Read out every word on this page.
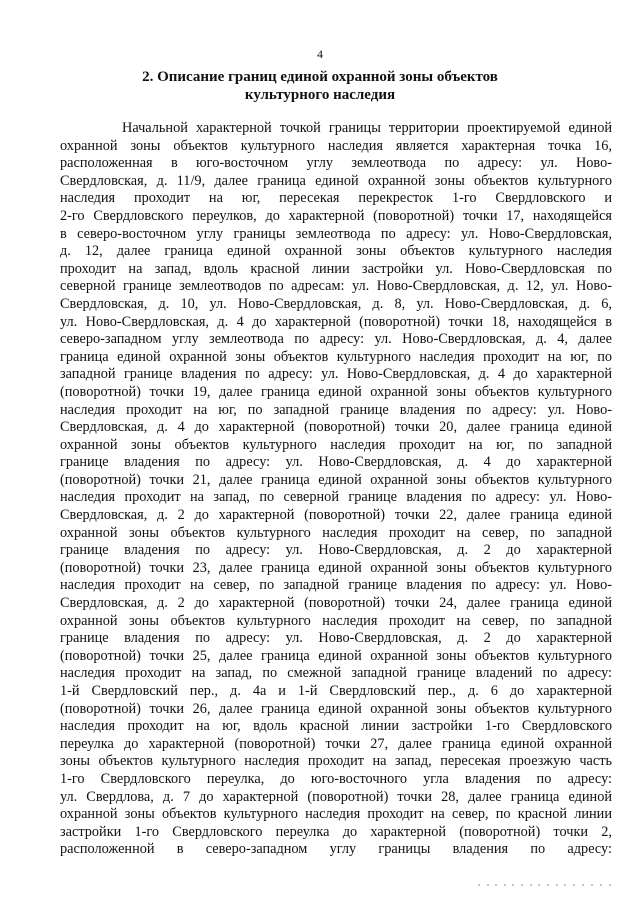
4
2. Описание границ единой охранной зоны объектов
культурного наследия
Начальной характерной точкой границы территории проектируемой единой
охранной зоны объектов культурного наследия является характерная точка 16,
расположенная в юго-восточном углу землеотвода по адресу: ул. Ново-
Свердловская, д. 11/9, далее граница единой охранной зоны объектов культурного
наследия проходит на юг, пересекая перекресток 1-го Свердловского и
2-го Свердловского переулков, до характерной (поворотной) точки 17, находящейся
в северо-восточном углу границы землеотвода по адресу: ул. Ново-Свердловская,
д. 12, далее граница единой охранной зоны объектов культурного наследия
проходит на запад, вдоль красной линии застройки ул. Ново-Свердловская по
северной границе землеотводов по адресам: ул. Ново-Свердловская, д. 12, ул. Ново-
Свердловская, д. 10, ул. Ново-Свердловская, д. 8, ул. Ново-Свердловская, д. 6,
ул. Ново-Свердловская, д. 4 до характерной (поворотной) точки 18, находящейся в
северо-западном углу землеотвода по адресу: ул. Ново-Свердловская, д. 4, далее
граница единой охранной зоны объектов культурного наследия проходит на юг, по
западной границе владения по адресу: ул. Ново-Свердловская, д. 4 до характерной
(поворотной) точки 19, далее граница единой охранной зоны объектов культурного
наследия проходит на юг, по западной границе владения по адресу: ул. Ново-
Свердловская, д. 4 до характерной (поворотной) точки 20, далее граница единой
охранной зоны объектов культурного наследия проходит на юг, по западной
границе владения по адресу: ул. Ново-Свердловская, д. 4 до характерной
(поворотной) точки 21, далее граница единой охранной зоны объектов культурного
наследия проходит на запад, по северной границе владения по адресу: ул. Ново-
Свердловская, д. 2 до характерной (поворотной) точки 22, далее граница единой
охранной зоны объектов культурного наследия проходит на север, по западной
границе владения по адресу: ул. Ново-Свердловская, д. 2 до характерной
(поворотной) точки 23, далее граница единой охранной зоны объектов культурного
наследия проходит на север, по западной границе владения по адресу: ул. Ново-
Свердловская, д. 2 до характерной (поворотной) точки 24, далее граница единой
охранной зоны объектов культурного наследия проходит на север, по западной
границе владения по адресу: ул. Ново-Свердловская, д. 2 до характерной
(поворотной) точки 25, далее граница единой охранной зоны объектов культурного
наследия проходит на запад, по смежной западной границе владений по адресу:
1-й Свердловский пер., д. 4а и 1-й Свердловский пер., д. 6 до характерной
(поворотной) точки 26, далее граница единой охранной зоны объектов культурного
наследия проходит на юг, вдоль красной линии застройки 1-го Свердловского
переулка до характерной (поворотной) точки 27, далее граница единой охранной
зоны объектов культурного наследия проходит на запад, пересекая проезжую часть
1-го Свердловского переулка, до юго-восточного угла владения по адресу:
ул. Свердлова, д. 7 до характерной (поворотной) точки 28, далее граница единой
охранной зоны объектов культурного наследия проходит на север, по красной линии
застройки 1-го Свердловского переулка до характерной (поворотной) точки 2,
расположенной в северо-западном углу границы владения по адресу:
